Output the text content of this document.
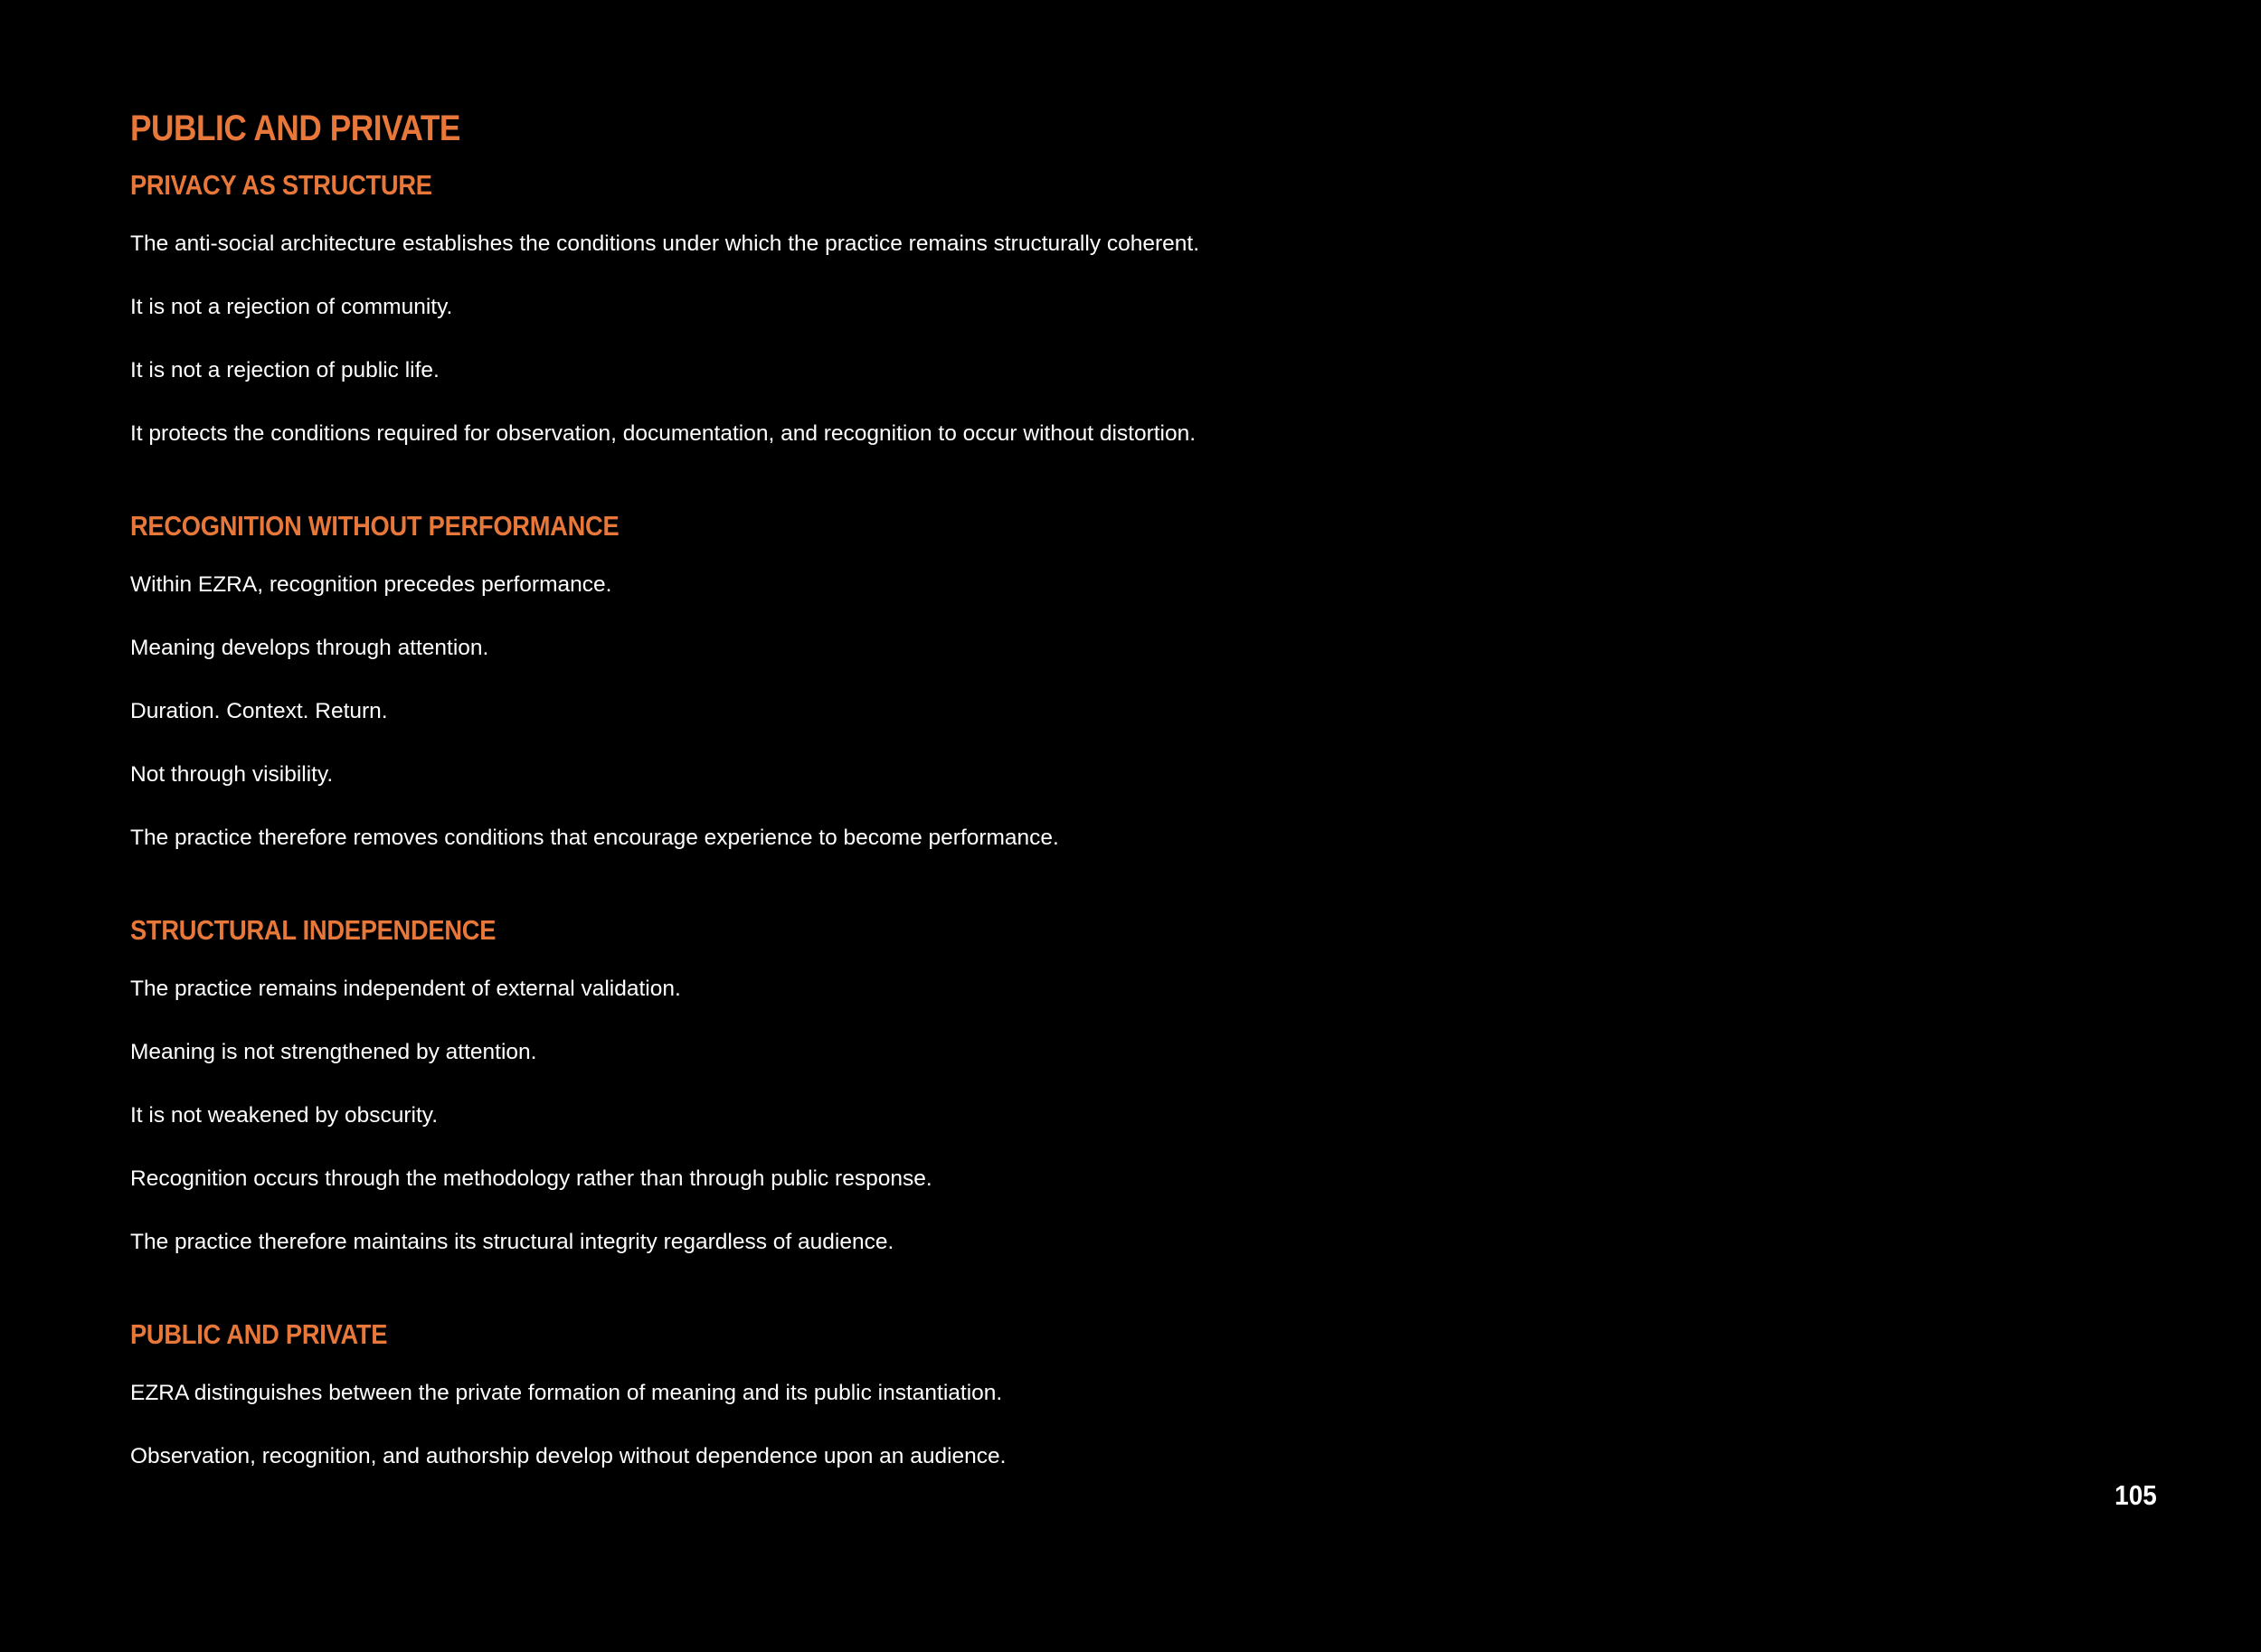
PUBLIC AND PRIVATE
PRIVACY AS STRUCTURE

The anti-social architecture establishes the conditions under which the practice remains structurally coherent.

It is not a rejection of community.

It is not a rejection of public life.

It protects the conditions required for observation, documentation, and recognition to occur without distortion.

RECOGNITION WITHOUT PERFORMANCE

Within EZRA, recognition precedes performance.

Meaning develops through attention.

Duration. Context. Return.

Not through visibility.

The practice therefore removes conditions that encourage experience to become performance.

STRUCTURAL INDEPENDENCE

The practice remains independent of external validation.

Meaning is not strengthened by attention.

It is not weakened by obscurity.

Recognition occurs through the methodology rather than through public response.

The practice therefore maintains its structural integrity regardless of audience.

PUBLIC AND PRIVATE

EZRA distinguishes between the private formation of meaning and its public instantiation.

Observation, recognition, and authorship develop without dependence upon an audience.

105
